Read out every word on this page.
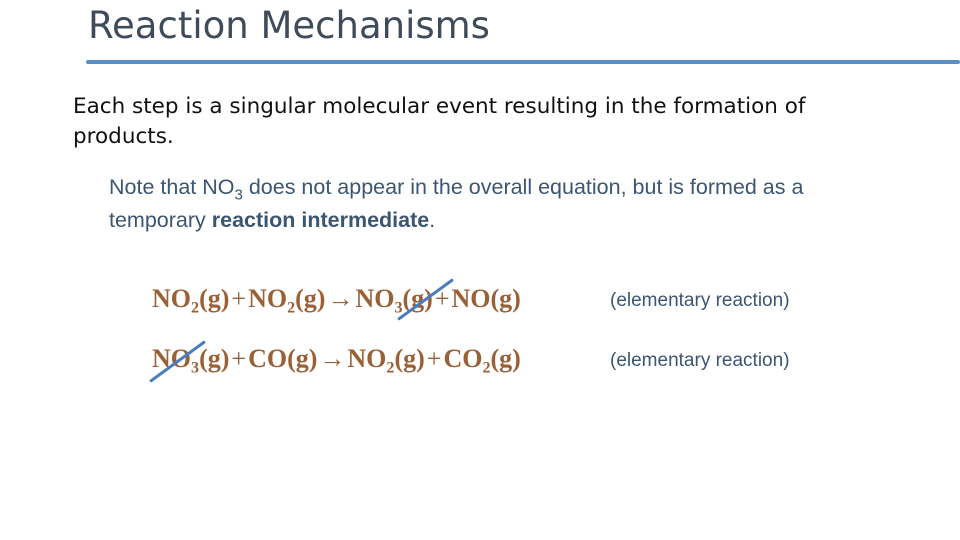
Reaction Mechanisms
Each step is a singular molecular event resulting in the formation of products.
Note that $NO_3$ does not appear in the overall equation, but is formed as a temporary reaction intermediate.
$NO_2(g)+NO_2(g)\to NO_3(g)+NO(g)$	(elementary reaction)
$NO_3(g)+CO(g)\to NO_2(g)+CO_2(g)$	(elementary reaction)
